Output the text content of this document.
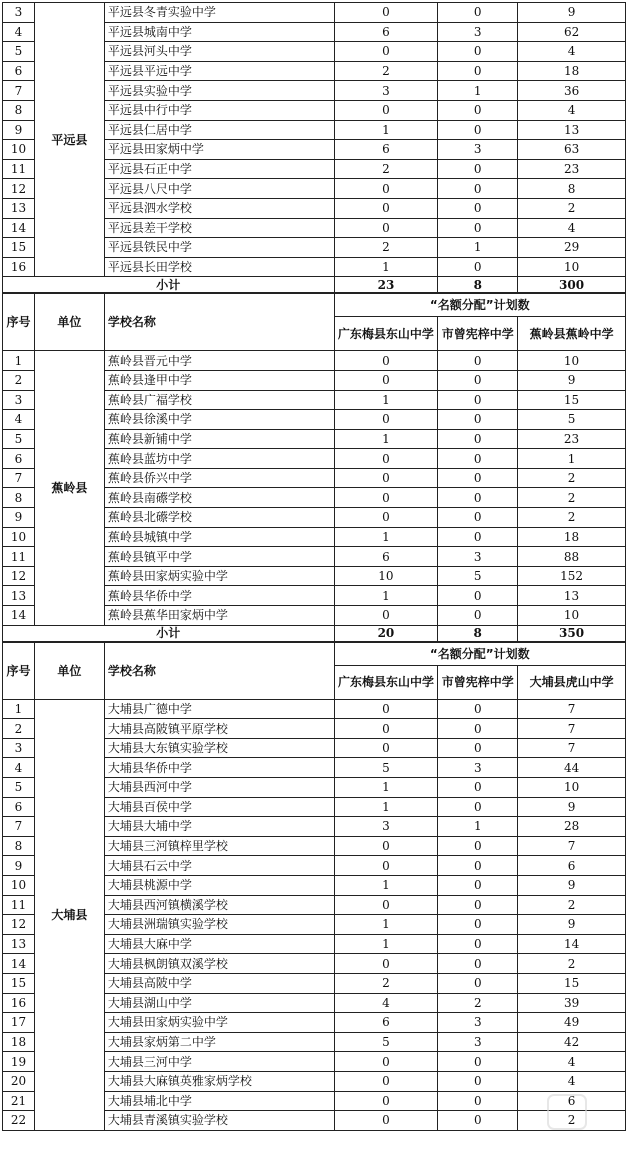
3	平远县	平远县冬青实验中学	0	0	9
4		平远县城南中学	6	3	62
5		平远县河头中学	0	0	4
6		平远县平远中学	2	0	18
7		平远县实验中学	3	1	36
8		平远县中行中学	0	0	4
9		平远县仁居中学	1	0	13
10		平远县田家炳中学	6	3	63
11		平远县石正中学	2	0	23
12		平远县八尺中学	0	0	8
13		平远县泗水学校	0	0	2
14		平远县差干学校	0	0	4
15		平远县铁民中学	2	1	29
16		平远县长田学校	1	0	10
小计			23	8	300
序号	单位	学校名称	“名额分配”计划数		
			广东梅县东山中学	市曾宪梓中学	蕉岭县蕉岭中学
1	蕉岭县	蕉岭县晋元中学	0	0	10
2		蕉岭县逢甲中学	0	0	9
3		蕉岭县广福学校	1	0	15
4		蕉岭县徐溪中学	0	0	5
5		蕉岭县新铺中学	1	0	23
6		蕉岭县蓝坊中学	0	0	1
7		蕉岭县侨兴中学	0	0	2
8		蕉岭县南礤学校	0	0	2
9		蕉岭县北礤学校	0	0	2
10		蕉岭县城镇中学	1	0	18
11		蕉岭县镇平中学	6	3	88
12		蕉岭县田家炳实验中学	10	5	152
13		蕉岭县华侨中学	1	0	13
14		蕉岭县蕉华田家炳中学	0	0	10
小计			20	8	350
序号	单位	学校名称	“名额分配”计划数		
			广东梅县东山中学	市曾宪梓中学	大埔县虎山中学
1	大埔县	大埔县广德中学	0	0	7
2		大埔县高陂镇平原学校	0	0	7
3		大埔县大东镇实验学校	0	0	7
4		大埔县华侨中学	5	3	44
5		大埔县西河中学	1	0	10
6		大埔县百侯中学	1	0	9
7		大埔县大埔中学	3	1	28
8		大埔县三河镇梓里学校	0	0	7
9		大埔县石云中学	0	0	6
10		大埔县桃源中学	1	0	9
11		大埔县西河镇横溪学校	0	0	2
12		大埔县洲瑞镇实验学校	1	0	9
13		大埔县大麻中学	1	0	14
14		大埔县枫朗镇双溪学校	0	0	2
15		大埔县高陂中学	2	0	15
16		大埔县湖山中学	4	2	39
17		大埔县田家炳实验中学	6	3	49
18		大埔县家炳第二中学	5	3	42
19		大埔县三河中学	0	0	4
20		大埔县大麻镇英雅家炳学校	0	0	4
21		大埔县埔北中学	0	0	6
22		大埔县青溪镇实验学校	0	0	2
